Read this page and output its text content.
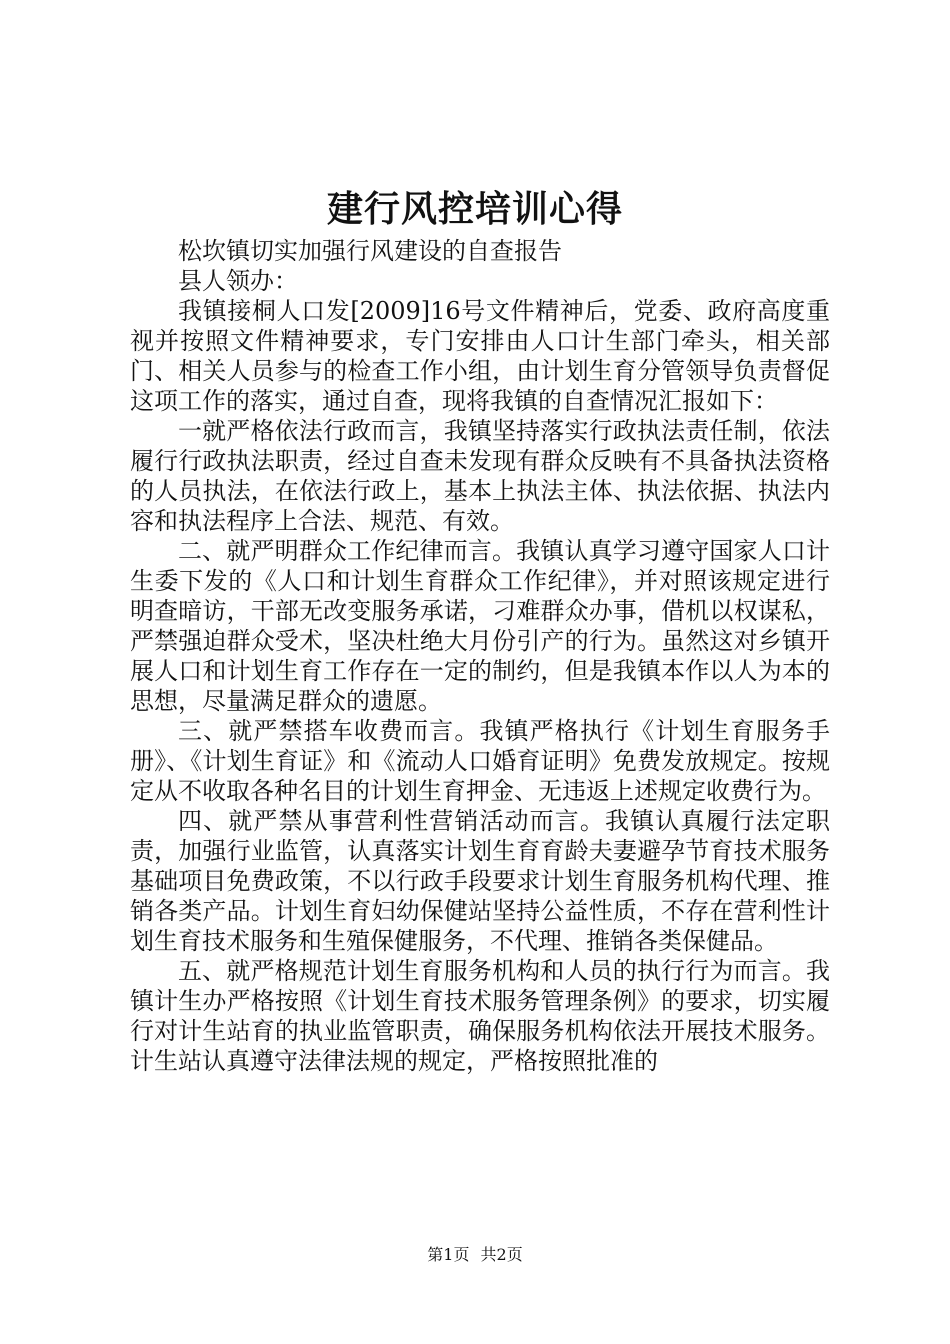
建行风控培训心得

松坎镇切实加强行风建设的自查报告

县人领办：

我镇接桐人口发[2009]16号文件精神后，党委、政府高度重视并按照文件精神要求，专门安排由人口计生部门牵头，相关部门、相关人员参与的检查工作小组，由计划生育分管领导负责督促这项工作的落实，通过自查，现将我镇的自查情况汇报如下：

一就严格依法行政而言，我镇坚持落实行政执法责任制，依法履行行政执法职责，经过自查未发现有群众反映有不具备执法资格的人员执法，在依法行政上，基本上执法主体、执法依据、执法内容和执法程序上合法、规范、有效。

二、就严明群众工作纪律而言。我镇认真学习遵守国家人口计生委下发的《人口和计划生育群众工作纪律》，并对照该规定进行明查暗访，干部无改变服务承诺，刁难群众办事，借机以权谋私，严禁强迫群众受术，坚决杜绝大月份引产的行为。虽然这对乡镇开展人口和计划生育工作存在一定的制约，但是我镇本作以人为本的思想，尽量满足群众的遗愿。

三、就严禁搭车收费而言。我镇严格执行《计划生育服务手册》、《计划生育证》和《流动人口婚育证明》免费发放规定。按规定从不收取各种名目的计划生育押金、无违返上述规定收费行为。

四、就严禁从事营利性营销活动而言。我镇认真履行法定职责，加强行业监管，认真落实计划生育育龄夫妻避孕节育技术服务基础项目免费政策，不以行政手段要求计划生育服务机构代理、推销各类产品。计划生育妇幼保健站坚持公益性质，不存在营利性计划生育技术服务和生殖保健服务，不代理、推销各类保健品。

五、就严格规范计划生育服务机构和人员的执行行为而言。我镇计生办严格按照《计划生育技术服务管理条例》的要求，切实履行对计生站育的执业监管职责，确保服务机构依法开展技术服务。计生站认真遵守法律法规的规定，严格按照批准的

第1页 共2页
